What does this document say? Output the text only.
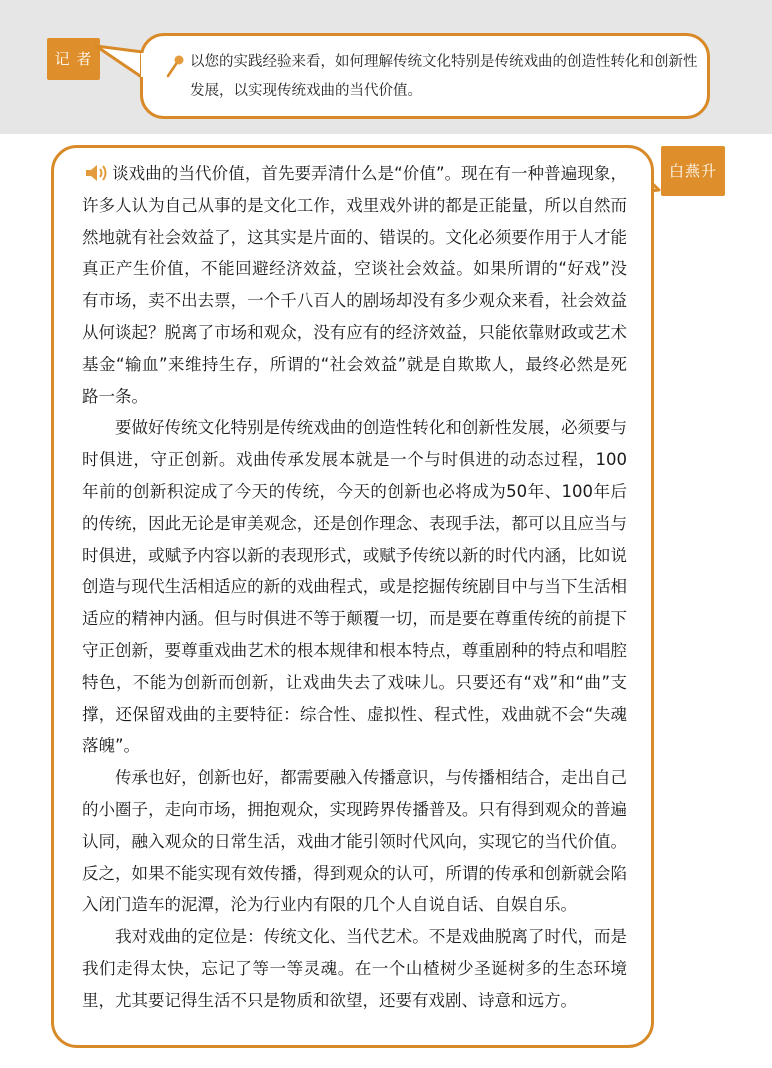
记 者	以您的实践经验来看，如何理解传统文化特别是传统戏曲的创造性转化和创新性发展，以实现传统戏曲的当代价值。
白燕升

谈戏曲的当代价值，首先要弄清什么是“价值”。现在有一种普遍现象，许多人认为自己从事的是文化工作，戏里戏外讲的都是正能量，所以自然而然地就有社会效益了，这其实是片面的、错误的。文化必须要作用于人才能真正产生价值，不能回避经济效益，空谈社会效益。如果所谓的“好戏”没有市场，卖不出去票，一个千八百人的剧场却没有多少观众来看，社会效益从何谈起？脱离了市场和观众，没有应有的经济效益，只能依靠财政或艺术基金“输血”来维持生存，所谓的“社会效益”就是自欺欺人，最终必然是死路一条。

要做好传统文化特别是传统戏曲的创造性转化和创新性发展，必须要与时俱进，守正创新。戏曲传承发展本就是一个与时俱进的动态过程，100 年前的创新积淀成了今天的传统，今天的创新也必将成为50年、100年后的传统，因此无论是审美观念，还是创作理念、表现手法，都可以且应当与时俱进，或赋予内容以新的表现形式，或赋予传统以新的时代内涵，比如说创造与现代生活相适应的新的戏曲程式，或是挖掘传统剧目中与当下生活相适应的精神内涵。但与时俱进不等于颠覆一切，而是要在尊重传统的前提下守正创新，要尊重戏曲艺术的根本规律和根本特点，尊重剧种的特点和唱腔特色，不能为创新而创新，让戏曲失去了戏味儿。只要还有“戏”和“曲”支撑，还保留戏曲的主要特征：综合性、虚拟性、程式性，戏曲就不会“失魂落魄”。

传承也好，创新也好，都需要融入传播意识，与传播相结合，走出自己的小圈子，走向市场，拥抱观众，实现跨界传播普及。只有得到观众的普遍认同，融入观众的日常生活，戏曲才能引领时代风向，实现它的当代价值。反之，如果不能实现有效传播，得到观众的认可，所谓的传承和创新就会陷入闭门造车的泥潭，沦为行业内有限的几个人自说自话、自娱自乐。

我对戏曲的定位是：传统文化、当代艺术。不是戏曲脱离了时代，而是我们走得太快，忘记了等一等灵魂。在一个山楂树少圣诞树多的生态环境里，尤其要记得生活不只是物质和欲望，还要有戏剧、诗意和远方。
